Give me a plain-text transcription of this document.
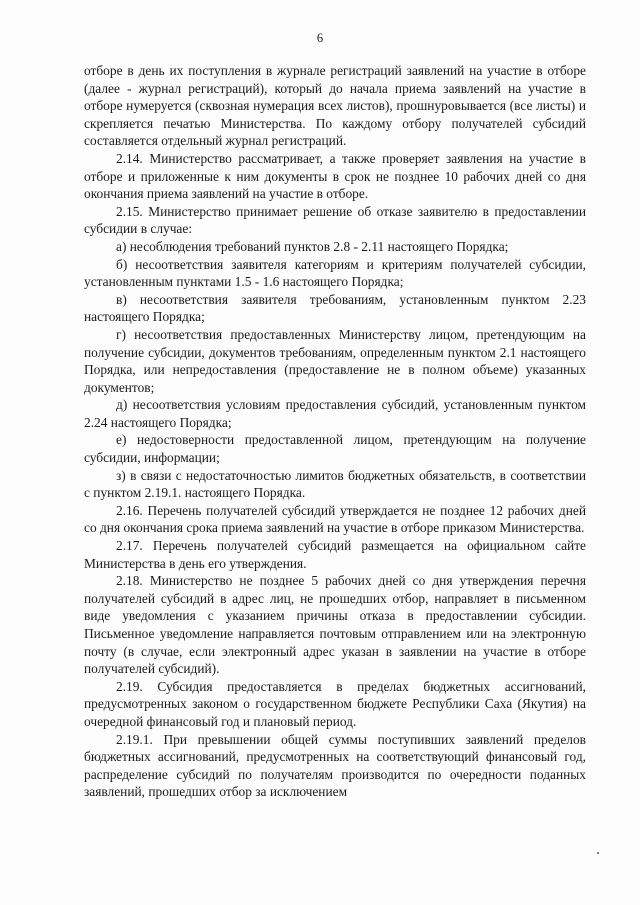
6

отборе в день их поступления в журнале регистраций заявлений на участие в отборе (далее - журнал регистраций), который до начала приема заявлений на участие в отборе нумеруется (сквозная нумерация всех листов), прошнуровывается (все листы) и скрепляется печатью Министерства. По каждому отбору получателей субсидий составляется отдельный журнал регистраций.

2.14. Министерство рассматривает, а также проверяет заявления на участие в отборе и приложенные к ним документы в срок не позднее 10 рабочих дней со дня окончания приема заявлений на участие в отборе.

2.15. Министерство принимает решение об отказе заявителю в предоставлении субсидии в случае:

а) несоблюдения требований пунктов 2.8 - 2.11 настоящего Порядка;

б) несоответствия заявителя категориям и критериям получателей субсидии, установленным пунктами 1.5 - 1.6 настоящего Порядка;

в) несоответствия заявителя требованиям, установленным пунктом 2.23 настоящего Порядка;

г) несоответствия предоставленных Министерству лицом, претендующим на получение субсидии, документов требованиям, определенным пунктом 2.1 настоящего Порядка, или непредоставления (предоставление не в полном объеме) указанных документов;

д) несоответствия условиям предоставления субсидий, установленным пунктом 2.24 настоящего Порядка;

е) недостоверности предоставленной лицом, претендующим на получение субсидии, информации;

з) в связи с недостаточностью лимитов бюджетных обязательств, в соответствии с пунктом 2.19.1. настоящего Порядка.

2.16. Перечень получателей субсидий утверждается не позднее 12 рабочих дней со дня окончания срока приема заявлений на участие в отборе приказом Министерства.

2.17. Перечень получателей субсидий размещается на официальном сайте Министерства в день его утверждения.

2.18. Министерство не позднее 5 рабочих дней со дня утверждения перечня получателей субсидий в адрес лиц, не прошедших отбор, направляет в письменном виде уведомления с указанием причины отказа в предоставлении субсидии. Письменное уведомление направляется почтовым отправлением или на электронную почту (в случае, если электронный адрес указан в заявлении на участие в отборе получателей субсидий).

2.19. Субсидия предоставляется в пределах бюджетных ассигнований, предусмотренных законом о государственном бюджете Республики Саха (Якутия) на очередной финансовый год и плановый период.

2.19.1. При превышении общей суммы поступивших заявлений пределов бюджетных ассигнований, предусмотренных на соответствующий финансовый год, распределение субсидий по получателям производится по очередности поданных заявлений, прошедших отбор за исключением
